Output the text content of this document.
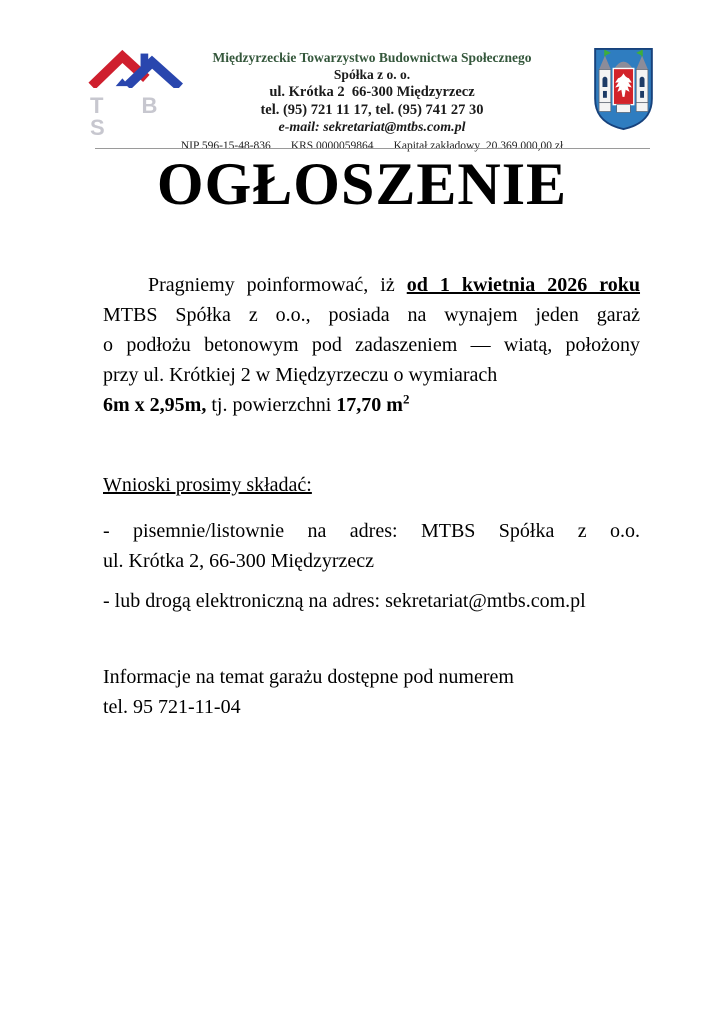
T B S
Międzyrzeckie Towarzystwo Budownictwa Społecznego
Spółka z o. o.
ul. Krótka 2  66-300 Międzyrzecz
tel. (95) 721 11 17, tel. (95) 741 27 30
e-mail: sekretariat@mtbs.com.pl
NIP 596-15-48-836 KRS 0000059864 Kapitał zakładowy  20.369.000,00 zł
OGŁOSZENIE
Pragniemy poinformować, iż od 1 kwietnia 2026 roku
MTBS Spółka z o.o., posiada na wynajem jeden garaż
o podłożu betonowym pod zadaszeniem — wiatą, położony
przy ul. Krótkiej 2 w Międzyrzeczu o wymiarach
6m x 2,95m, tj. powierzchni 17,70 $m^2$
Wnioski prosimy składać:
- pisemnie/listownie na adres: MTBS Spółka z o.o.
ul. Krótka 2, 66-300 Międzyrzecz
- lub drogą elektroniczną na adres: sekretariat@mtbs.com.pl
Informacje na temat garażu dostępne pod numerem
tel. 95 721-11-04
